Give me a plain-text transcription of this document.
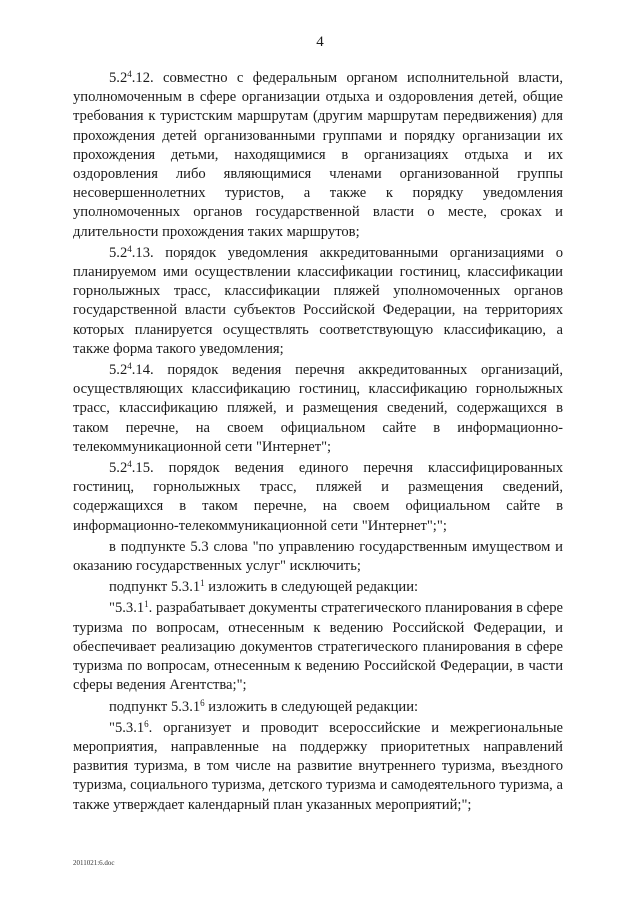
4

$5.2^4.12$. совместно с федеральным органом исполнительной власти, уполномоченным в сфере организации отдыха и оздоровления детей, общие требования к туристским маршрутам (другим маршрутам передвижения) для прохождения детей организованными группами и порядку организации их прохождения детьми, находящимися в организациях отдыха и их оздоровления либо являющимися членами организованной группы несовершеннолетних туристов, а также к порядку уведомления уполномоченных органов государственной власти о месте, сроках и длительности прохождения таких маршрутов;

$5.2^4.13$. порядок уведомления аккредитованными организациями о планируемом ими осуществлении классификации гостиниц, классификации горнолыжных трасс, классификации пляжей уполномоченных органов государственной власти субъектов Российской Федерации, на территориях которых планируется осуществлять соответствующую классификацию, а также форма такого уведомления;

$5.2^4.14$. порядок ведения перечня аккредитованных организаций, осуществляющих классификацию гостиниц, классификацию горнолыжных трасс, классификацию пляжей, и размещения сведений, содержащихся в таком перечне, на своем официальном сайте в информационно-телекоммуникационной сети "Интернет";

$5.2^4.15$. порядок ведения единого перечня классифицированных гостиниц, горнолыжных трасс, пляжей и размещения сведений, содержащихся в таком перечне, на своем официальном сайте в информационно-телекоммуникационной сети "Интернет";";

в подпункте 5.3 слова "по управлению государственным имуществом и оказанию государственных услуг" исключить;

подпункт 5.3.1$^1$ изложить в следующей редакции:

"5.3.1$^1$. разрабатывает документы стратегического планирования в сфере туризма по вопросам, отнесенным к ведению Российской Федерации, и обеспечивает реализацию документов стратегического планирования в сфере туризма по вопросам, отнесенным к ведению Российской Федерации, в части сферы ведения Агентства;";

подпункт 5.3.1$^6$ изложить в следующей редакции:

"5.3.1$^6$. организует и проводит всероссийские и межрегиональные мероприятия, направленные на поддержку приоритетных направлений развития туризма, в том числе на развитие внутреннего туризма, въездного туризма, социального туризма, детского туризма и самодеятельного туризма, а также утверждает календарный план указанных мероприятий;";

2011021:6.doc
